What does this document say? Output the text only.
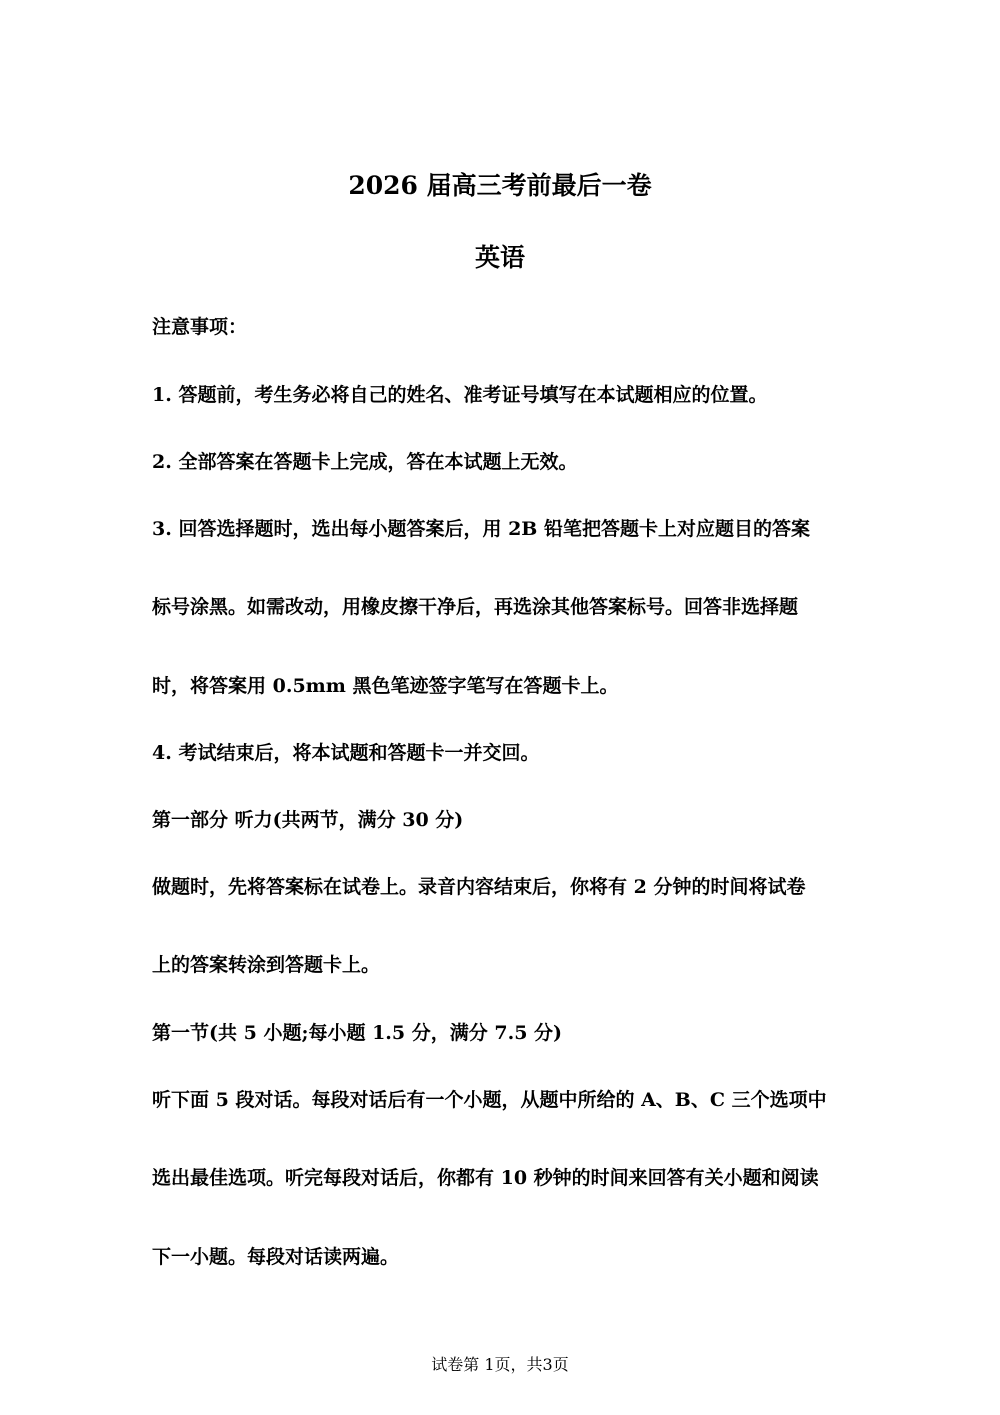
2026 届高三考前最后一卷
英语
注意事项：
1. 答题前，考生务必将自己的姓名、准考证号填写在本试题相应的位置。
2. 全部答案在答题卡上完成，答在本试题上无效。
3. 回答选择题时，选出每小题答案后，用 2B 铅笔把答题卡上对应题目的答案
标号涂黑。如需改动，用橡皮擦干净后，再选涂其他答案标号。回答非选择题
时，将答案用 0.5mm 黑色笔迹签字笔写在答题卡上。
4. 考试结束后，将本试题和答题卡一并交回。
第一部分 听力(共两节，满分 30 分)
做题时，先将答案标在试卷上。录音内容结束后，你将有 2 分钟的时间将试卷
上的答案转涂到答题卡上。
第一节(共 5 小题;每小题 1.5 分，满分 7.5 分)
听下面 5 段对话。每段对话后有一个小题，从题中所给的 A、B、C 三个选项中
选出最佳选项。听完每段对话后，你都有 10 秒钟的时间来回答有关小题和阅读
下一小题。每段对话读两遍。
试卷第 1页，共3页
